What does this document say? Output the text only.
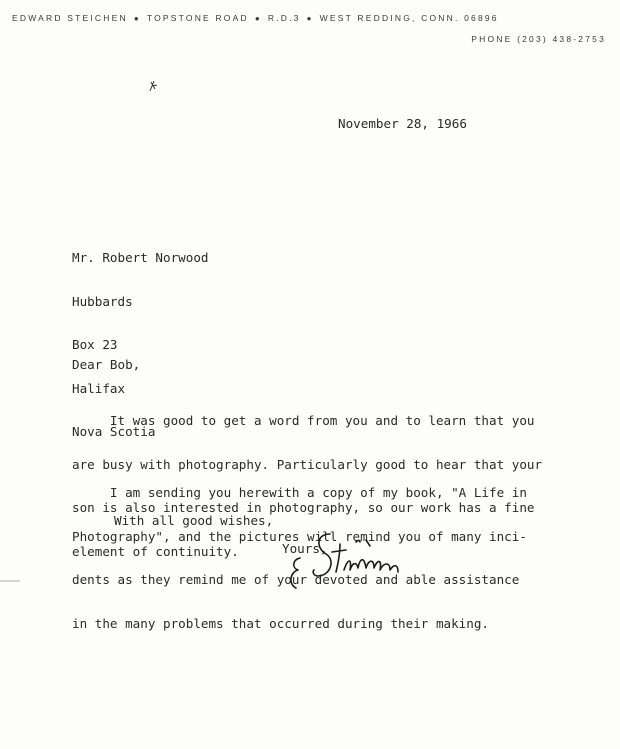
EDWARD STEICHEN ● TOPSTONE ROAD ● R.D.3 ● WEST REDDING, CONN. 06896
PHONE (203) 438-2753
November 28, 1966

Mr. Robert Norwood

Hubbards

Box 23

Halifax

Nova Scotia

Dear Bob,

It was good to get a word from you and to learn that you

are busy with photography. Particularly good to hear that your

son is also interested in photography, so our work has a fine

element of continuity.

I am sending you herewith a copy of my book, "A Life in

Photography", and the pictures will remind you of many inci-

dents as they remind me of your devoted and able assistance

in the many problems that occurred during their making.

With all good wishes,
Yours,
